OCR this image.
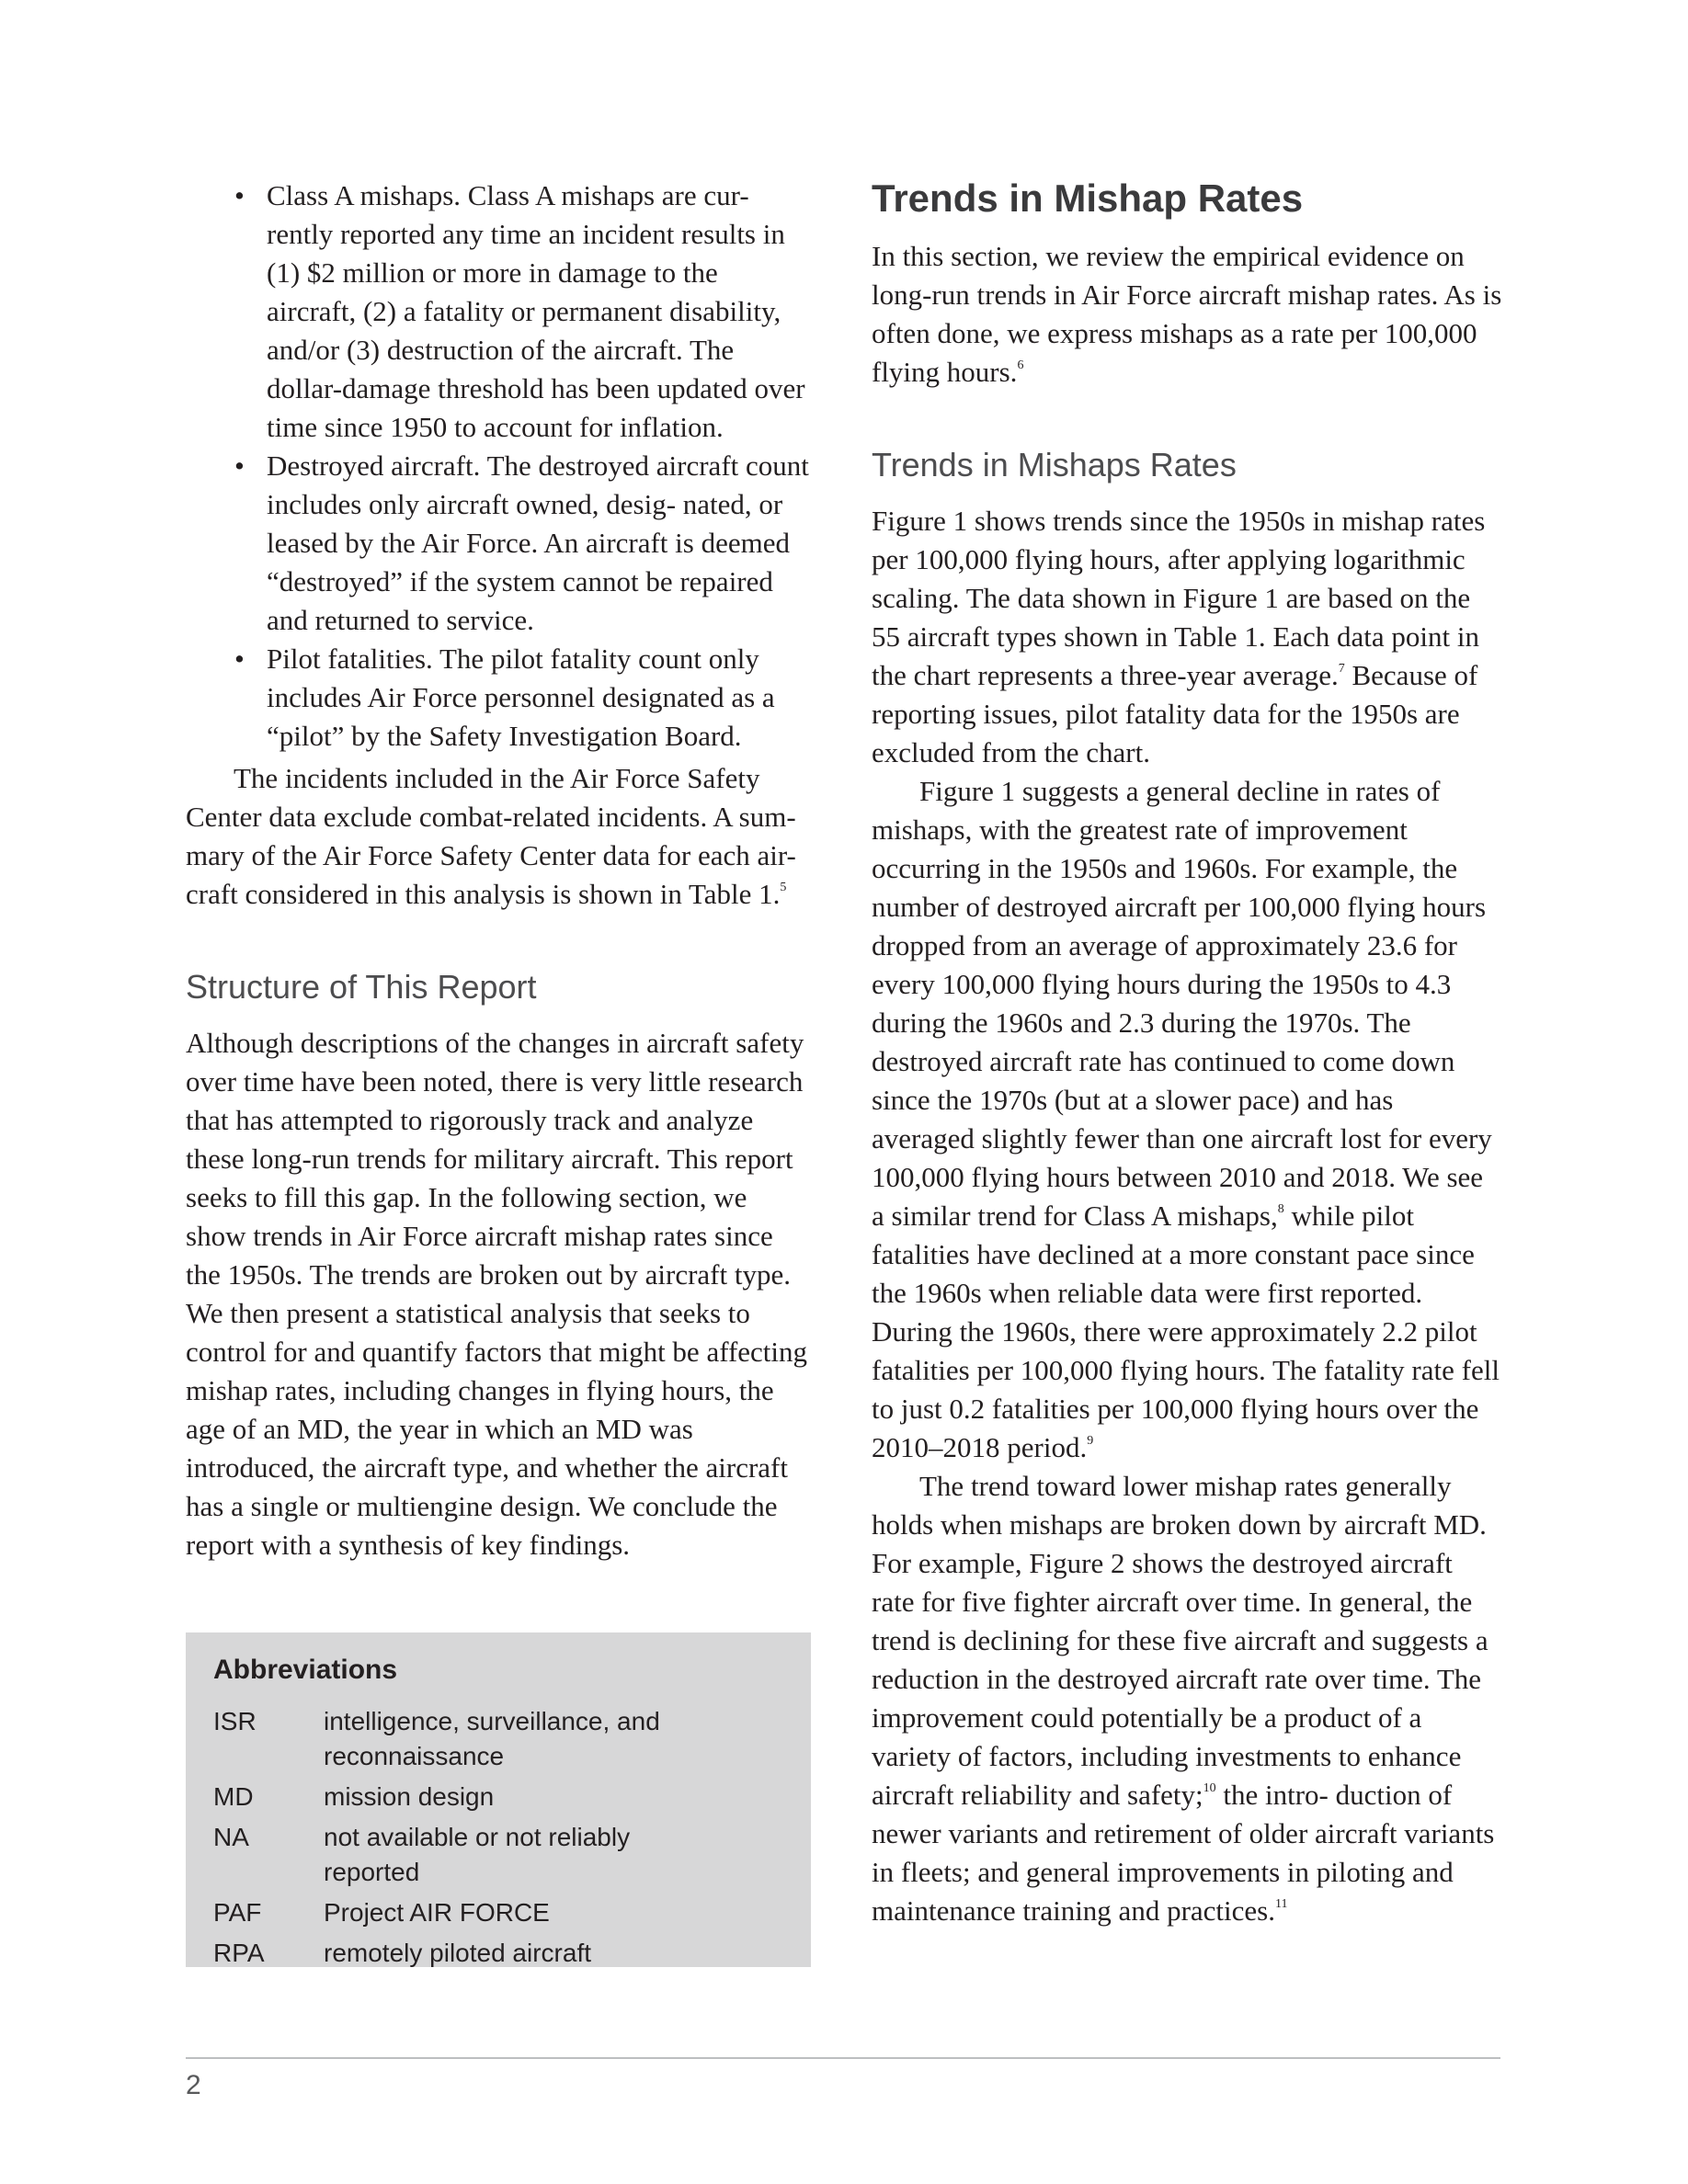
• Class A mishaps. Class A mishaps are cur- rently reported any time an incident results in (1) $2 million or more in damage to the aircraft, (2) a fatality or permanent disability, and/or (3) destruction of the aircraft. The dollar-damage threshold has been updated over time since 1950 to account for inflation.
• Destroyed aircraft. The destroyed aircraft count includes only aircraft owned, desig- nated, or leased by the Air Force. An aircraft is deemed “destroyed” if the system cannot be repaired and returned to service.
• Pilot fatalities. The pilot fatality count only includes Air Force personnel designated as a “pilot” by the Safety Investigation Board.

The incidents included in the Air Force Safety Center data exclude combat-related incidents. A sum- mary of the Air Force Safety Center data for each air- craft considered in this analysis is shown in Table 1.$^5$

Structure of This Report

Although descriptions of the changes in aircraft safety over time have been noted, there is very little research that has attempted to rigorously track and analyze these long-run trends for military aircraft. This report seeks to fill this gap. In the following section, we show trends in Air Force aircraft mishap rates since the 1950s. The trends are broken out by aircraft type. We then present a statistical analysis that seeks to control for and quantify factors that might be affecting mishap rates, including changes in flying hours, the age of an MD, the year in which an MD was introduced, the aircraft type, and whether the aircraft has a single or multiengine design. We conclude the report with a synthesis of key findings.

Abbreviations
ISR	intelligence, surveillance, and reconnaissance
MD	mission design
NA	not available or not reliably reported
PAF	Project AIR FORCE
RPA	remotely piloted aircraft
Trends in Mishap Rates

In this section, we review the empirical evidence on long-run trends in Air Force aircraft mishap rates. As is often done, we express mishaps as a rate per 100,000 flying hours.$^6$

Trends in Mishaps Rates

Figure 1 shows trends since the 1950s in mishap rates per 100,000 flying hours, after applying logarithmic scaling. The data shown in Figure 1 are based on the 55 aircraft types shown in Table 1. Each data point in the chart represents a three-year average.$^7$ Because of reporting issues, pilot fatality data for the 1950s are excluded from the chart.

Figure 1 suggests a general decline in rates of mishaps, with the greatest rate of improvement occurring in the 1950s and 1960s. For example, the number of destroyed aircraft per 100,000 flying hours dropped from an average of approximately 23.6 for every 100,000 flying hours during the 1950s to 4.3 during the 1960s and 2.3 during the 1970s. The destroyed aircraft rate has continued to come down since the 1970s (but at a slower pace) and has averaged slightly fewer than one aircraft lost for every 100,000 flying hours between 2010 and 2018. We see a similar trend for Class A mishaps,$^8$ while pilot fatalities have declined at a more constant pace since the 1960s when reliable data were first reported. During the 1960s, there were approximately 2.2 pilot fatalities per 100,000 flying hours. The fatality rate fell to just 0.2 fatalities per 100,000 flying hours over the 2010–2018 period.$^9$

The trend toward lower mishap rates generally holds when mishaps are broken down by aircraft MD. For example, Figure 2 shows the destroyed aircraft rate for five fighter aircraft over time. In general, the trend is declining for these five aircraft and suggests a reduction in the destroyed aircraft rate over time. The improvement could potentially be a product of a variety of factors, including investments to enhance aircraft reliability and safety;$^{10}$ the intro- duction of newer variants and retirement of older aircraft variants in fleets; and general improvements in piloting and maintenance training and practices.$^{11}$

2
